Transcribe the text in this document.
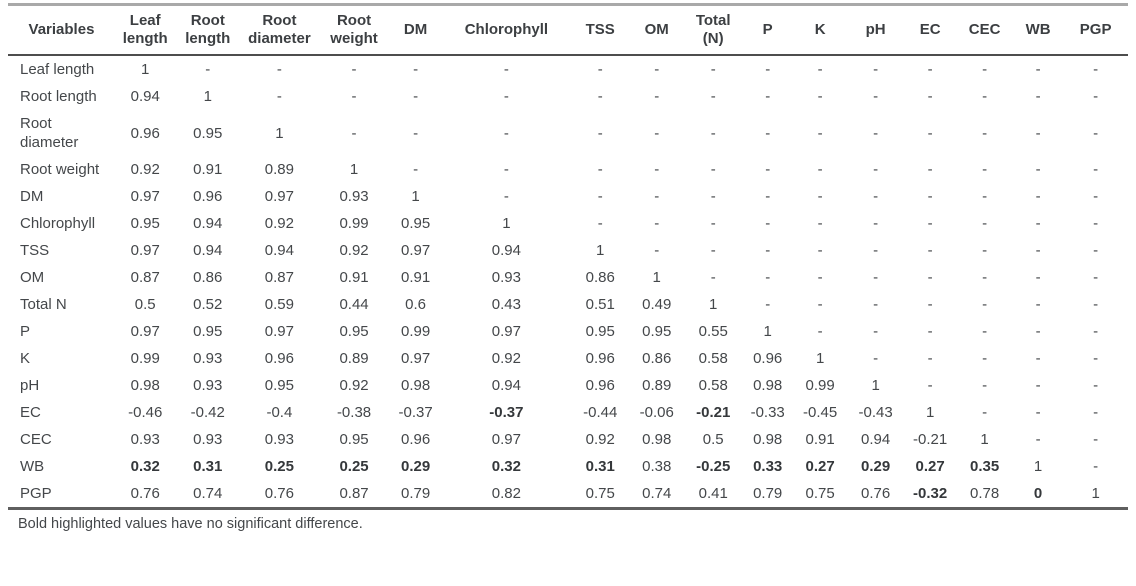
Variables	Leaf length	Root length	Root diameter	Root weight	DM	Chlorophyll	TSS	OM	Total (N)	P	K	pH	EC	CEC	WB	PGP
Leaf length	1	-	-	-	-	-	-	-	-	-	-	-	-	-	-	-
Root length	0.94	1	-	-	-	-	-	-	-	-	-	-	-	-	-	-
Root diameter	0.96	0.95	1	-	-	-	-	-	-	-	-	-	-	-	-	-
Root weight	0.92	0.91	0.89	1	-	-	-	-	-	-	-	-	-	-	-	-
DM	0.97	0.96	0.97	0.93	1	-	-	-	-	-	-	-	-	-	-	-
Chlorophyll	0.95	0.94	0.92	0.99	0.95	1	-	-	-	-	-	-	-	-	-	-
TSS	0.97	0.94	0.94	0.92	0.97	0.94	1	-	-	-	-	-	-	-	-	-
OM	0.87	0.86	0.87	0.91	0.91	0.93	0.86	1	-	-	-	-	-	-	-	-
Total N	0.5	0.52	0.59	0.44	0.6	0.43	0.51	0.49	1	-	-	-	-	-	-	-
P	0.97	0.95	0.97	0.95	0.99	0.97	0.95	0.95	0.55	1	-	-	-	-	-	-
K	0.99	0.93	0.96	0.89	0.97	0.92	0.96	0.86	0.58	0.96	1	-	-	-	-	-
pH	0.98	0.93	0.95	0.92	0.98	0.94	0.96	0.89	0.58	0.98	0.99	1	-	-	-	-
EC	-0.46	-0.42	-0.4	-0.38	-0.37	-0.37	-0.44	-0.06	-0.21	-0.33	-0.45	-0.43	1	-	-	-
CEC	0.93	0.93	0.93	0.95	0.96	0.97	0.92	0.98	0.5	0.98	0.91	0.94	-0.21	1	-	-
WB	0.32	0.31	0.25	0.25	0.29	0.32	0.31	0.38	-0.25	0.33	0.27	0.29	0.27	0.35	1	-
PGP	0.76	0.74	0.76	0.87	0.79	0.82	0.75	0.74	0.41	0.79	0.75	0.76	-0.32	0.78	0	1
Bold highlighted values have no significant difference.
